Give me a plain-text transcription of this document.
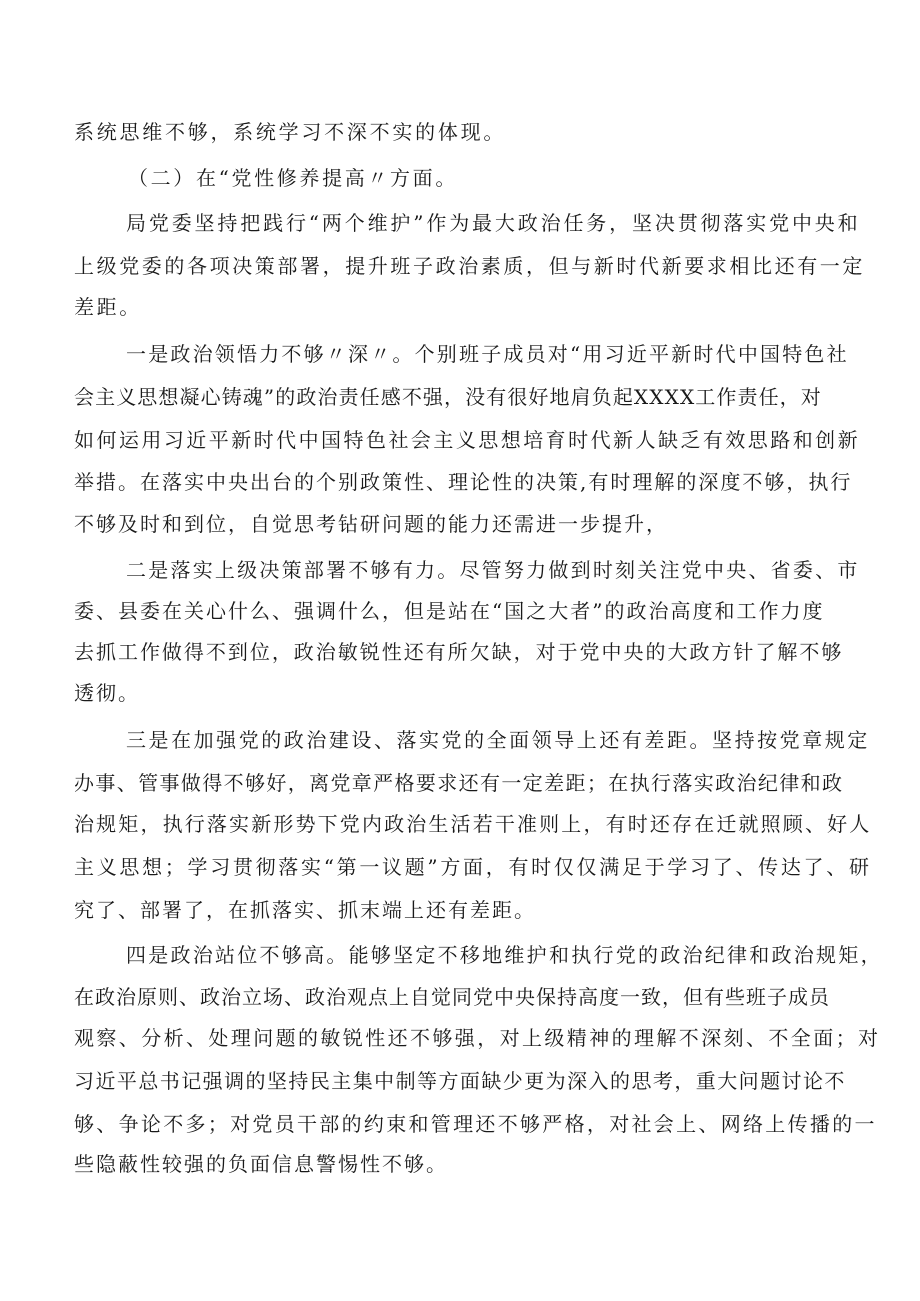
系统思维不够，系统学习不深不实的体现。
（二）在“党性修养提高〃方面。
局党委坚持把践行“两个维护”作为最大政治任务，坚决贯彻落实党中央和
上级党委的各项决策部署，提升班子政治素质，但与新时代新要求相比还有一定
差距。
一是政治领悟力不够〃深〃。个别班子成员对“用习近平新时代中国特色社
会主义思想凝心铸魂”的政治责任感不强，没有很好地肩负起XXXX工作责任，对
如何运用习近平新时代中国特色社会主义思想培育时代新人缺乏有效思路和创新
举措。在落实中央出台的个别政策性、理论性的决策,有时理解的深度不够，执行
不够及时和到位，自觉思考钻研问题的能力还需进一步提升，
二是落实上级决策部署不够有力。尽管努力做到时刻关注党中央、省委、市
委、县委在关心什么、强调什么，但是站在“国之大者”的政治高度和工作力度
去抓工作做得不到位，政治敏锐性还有所欠缺，对于党中央的大政方针了解不够
透彻。
三是在加强党的政治建设、落实党的全面领导上还有差距。坚持按党章规定
办事、管事做得不够好，离党章严格要求还有一定差距；在执行落实政治纪律和政
治规矩，执行落实新形势下党内政治生活若干准则上，有时还存在迁就照顾、好人
主义思想；学习贯彻落实“第一议题”方面，有时仅仅满足于学习了、传达了、研
究了、部署了，在抓落实、抓末端上还有差距。
四是政治站位不够高。能够坚定不移地维护和执行党的政治纪律和政治规矩，
在政治原则、政治立场、政治观点上自觉同党中央保持高度一致，但有些班子成员
观察、分析、处理问题的敏锐性还不够强，对上级精神的理解不深刻、不全面；对
习近平总书记强调的坚持民主集中制等方面缺少更为深入的思考，重大问题讨论不
够、争论不多；对党员干部的约束和管理还不够严格，对社会上、网络上传播的一
些隐蔽性较强的负面信息警惕性不够。
